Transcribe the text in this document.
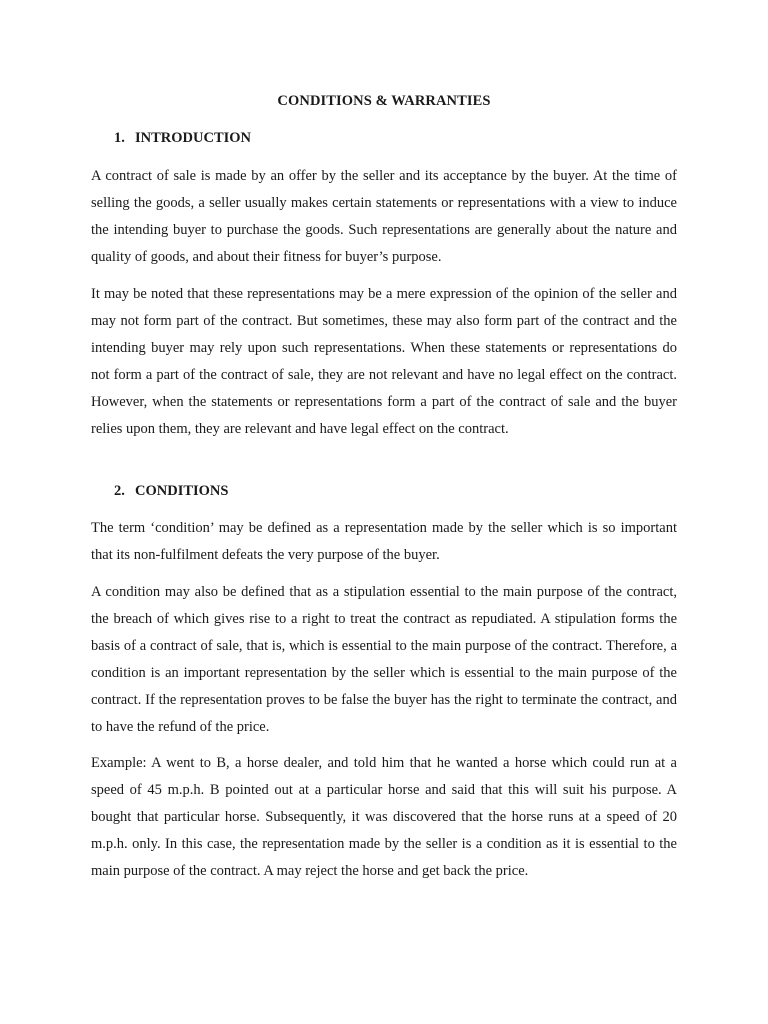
CONDITIONS & WARRANTIES
1. INTRODUCTION

A contract of sale is made by an offer by the seller and its acceptance by the buyer. At the time of selling the goods, a seller usually makes certain statements or representations with a view to induce the intending buyer to purchase the goods. Such representations are generally about the nature and quality of goods, and about their fitness for buyer’s purpose.

It may be noted that these representations may be a mere expression of the opinion of the seller and may not form part of the contract. But sometimes, these may also form part of the contract and the intending buyer may rely upon such representations. When these statements or representations do not form a part of the contract of sale, they are not relevant and have no legal effect on the contract. However, when the statements or representations form a part of the contract of sale and the buyer relies upon them, they are relevant and have legal effect on the contract.

2. CONDITIONS

The term ‘condition’ may be defined as a representation made by the seller which is so important that its non-fulfilment defeats the very purpose of the buyer.

A condition may also be defined that as a stipulation essential to the main purpose of the contract, the breach of which gives rise to a right to treat the contract as repudiated. A stipulation forms the basis of a contract of sale, that is, which is essential to the main purpose of the contract. Therefore, a condition is an important representation by the seller which is essential to the main purpose of the contract. If the representation proves to be false the buyer has the right to terminate the contract, and to have the refund of the price.

Example: A went to B, a horse dealer, and told him that he wanted a horse which could run at a speed of 45 m.p.h. B pointed out at a particular horse and said that this will suit his purpose. A bought that particular horse. Subsequently, it was discovered that the horse runs at a speed of 20 m.p.h. only. In this case, the representation made by the seller is a condition as it is essential to the main purpose of the contract. A may reject the horse and get back the price.
